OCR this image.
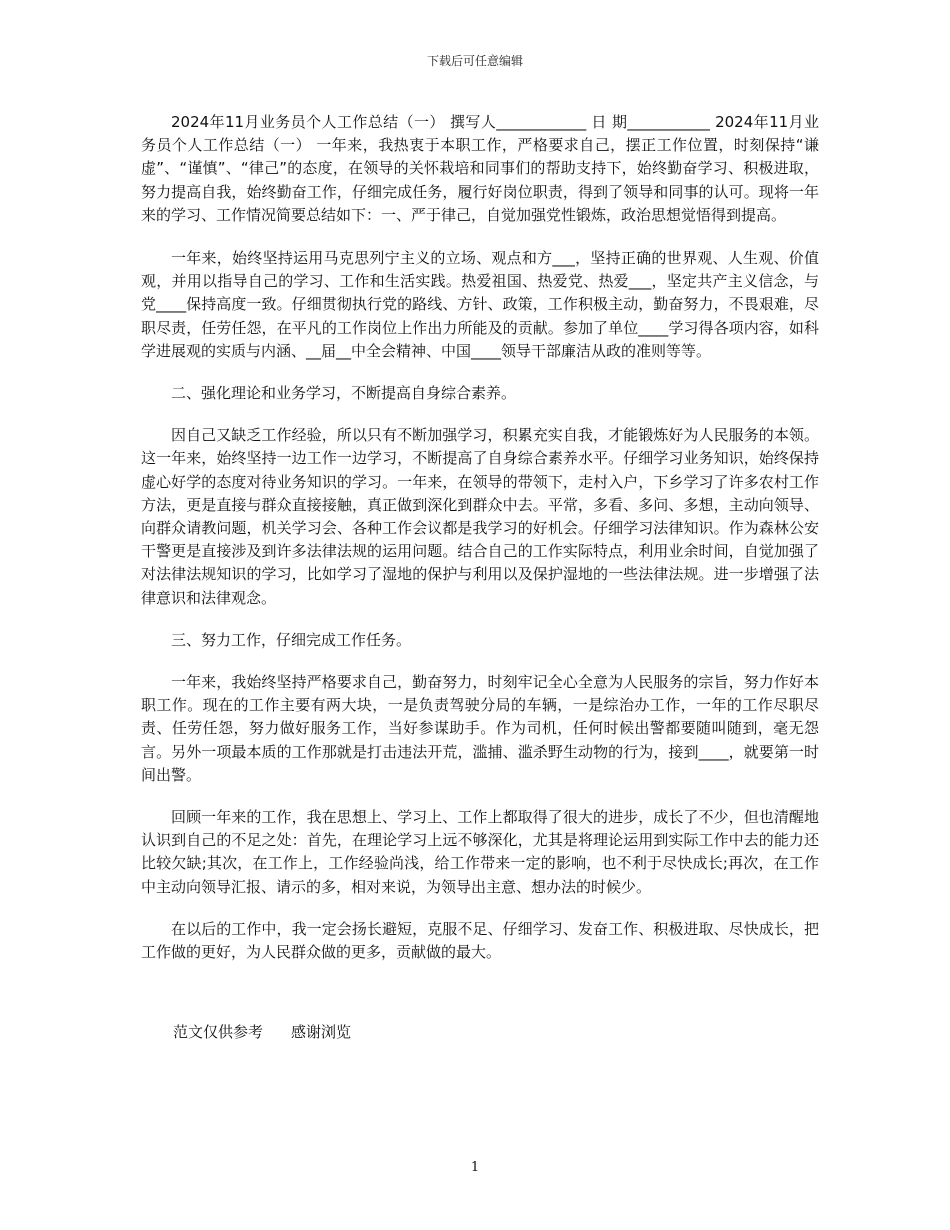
下载后可任意编辑

2024年11月业务员个人工作总结（一） 撰写人____________ 日 期___________ 2024年11月业务员个人工作总结（一） 一年来，我热衷于本职工作，严格要求自己，摆正工作位置，时刻保持“谦虚”、“谨慎”、“律己”的态度，在领导的关怀栽培和同事们的帮助支持下，始终勤奋学习、积极进取，努力提高自我，始终勤奋工作，仔细完成任务，履行好岗位职责，得到了领导和同事的认可。现将一年来的学习、工作情况简要总结如下：一、严于律己，自觉加强党性锻炼，政治思想觉悟得到提高。

一年来，始终坚持运用马克思列宁主义的立场、观点和方___，坚持正确的世界观、人生观、价值观，并用以指导自己的学习、工作和生活实践。热爱祖国、热爱党、热爱___，坚定共产主义信念，与党____保持高度一致。仔细贯彻执行党的路线、方针、政策，工作积极主动，勤奋努力，不畏艰难，尽职尽责，任劳任怨，在平凡的工作岗位上作出力所能及的贡献。参加了单位____学习得各项内容，如科学进展观的实质与内涵、__届__中全会精神、中国____领导干部廉洁从政的准则等等。

二、强化理论和业务学习，不断提高自身综合素养。

因自己又缺乏工作经验，所以只有不断加强学习，积累充实自我，才能锻炼好为人民服务的本领。这一年来，始终坚持一边工作一边学习，不断提高了自身综合素养水平。仔细学习业务知识，始终保持虚心好学的态度对待业务知识的学习。一年来，在领导的带领下，走村入户，下乡学习了许多农村工作方法，更是直接与群众直接接触，真正做到深化到群众中去。平常，多看、多问、多想，主动向领导、向群众请教问题，机关学习会、各种工作会议都是我学习的好机会。仔细学习法律知识。作为森林公安干警更是直接涉及到许多法律法规的运用问题。结合自己的工作实际特点，利用业余时间，自觉加强了对法律法规知识的学习，比如学习了湿地的保护与利用以及保护湿地的一些法律法规。进一步增强了法律意识和法律观念。

三、努力工作，仔细完成工作任务。

一年来，我始终坚持严格要求自己，勤奋努力，时刻牢记全心全意为人民服务的宗旨，努力作好本职工作。现在的工作主要有两大块，一是负责驾驶分局的车辆，一是综治办工作，一年的工作尽职尽责、任劳任怨，努力做好服务工作，当好参谋助手。作为司机，任何时候出警都要随叫随到，毫无怨言。另外一项最本质的工作那就是打击违法开荒，滥捕、滥杀野生动物的行为，接到____，就要第一时间出警。

回顾一年来的工作，我在思想上、学习上、工作上都取得了很大的进步，成长了不少，但也清醒地认识到自己的不足之处：首先，在理论学习上远不够深化，尤其是将理论运用到实际工作中去的能力还比较欠缺;其次，在工作上，工作经验尚浅，给工作带来一定的影响，也不利于尽快成长;再次，在工作中主动向领导汇报、请示的多，相对来说，为领导出主意、想办法的时候少。

在以后的工作中，我一定会扬长避短，克服不足、仔细学习、发奋工作、积极进取、尽快成长，把工作做的更好，为人民群众做的更多，贡献做的最大。

范文仅供参考 感谢浏览
1
